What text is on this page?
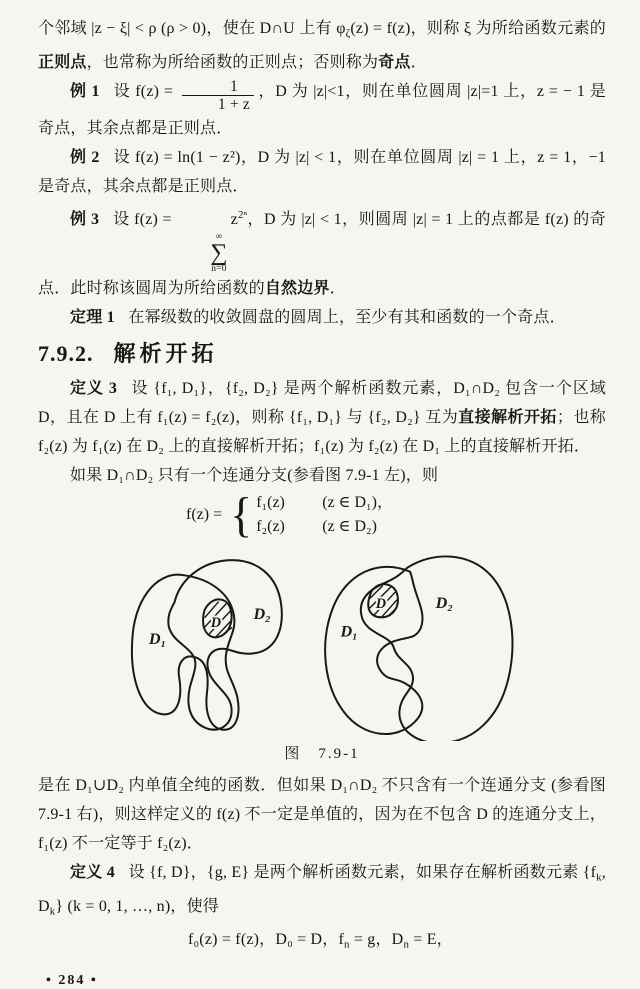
个邻域 |z − ξ| < ρ (ρ > 0)，使在 D∩U 上有 $\varphi_\zeta(z) = f(z)$，则称 ξ 为所给函数元素的正则点，也常称为所给函数的正则点；否则称为奇点．

例 1 设 $f(z) = \frac{1}{1 + z}$ ，D 为 |z|<1，则在单位圆周 |z|=1 上，z = − 1 是奇点，其余点都是正则点．

例 2 设 f(z) = ln(1 − z²)，D 为 |z| < 1，则在单位圆周 |z| = 1 上，z = 1，−1 是奇点，其余点都是正则点．

例 3 设 f(z) =
∞
∑
n=0
$z^{2^n}$，D 为 |z| < 1，则圆周 |z| = 1 上的点都是 f(z) 的奇点．此时称该圆周为所给函数的自然边界．

定理 1 在幂级数的收敛圆盘的圆周上，至少有其和函数的一个奇点．

7.9.2. 解析开拓

定义 3 设 {f₁, D₁}，{f₂, D₂} 是两个解析函数元素，D₁∩D₂ 包含一个区域 D，且在 D 上有 f₁(z) = f₂(z)，则称 {f₁, D₁} 与 {f₂, D₂} 互为直接解析开拓；也称 f₂(z) 为 f₁(z) 在 D₂ 上的直接解析开拓；f₁(z) 为 f₂(z) 在 D₁ 上的直接解析开拓．

如果 D₁∩D₂ 只有一个连通分支(参看图 7.9-1 左)，则

f(z) = { f₁(z) (z ∈ D₁)，
f₂(z) (z ∈ D₂)
D₁
D₂
D

D₁
D₂
D
图　7.9-1

是在 D₁∪D₂ 内单值全纯的函数．但如果 D₁∩D₂ 不只含有一个连通分支 (参看图 7.9-1 右)，则这样定义的 f(z) 不一定是单值的，因为在不包含 D 的连通分支上，f₁(z) 不一定等于 f₂(z)．

定义 4 设 {f, D}，{g, E} 是两个解析函数元素，如果存在解析函数元素 {$f_k$, $D_k$} (k = 0, 1, …, n)，使得

f₀(z) = f(z)，D₀ = D，$f_n = g$，$D_n = E$，

• 284 •
